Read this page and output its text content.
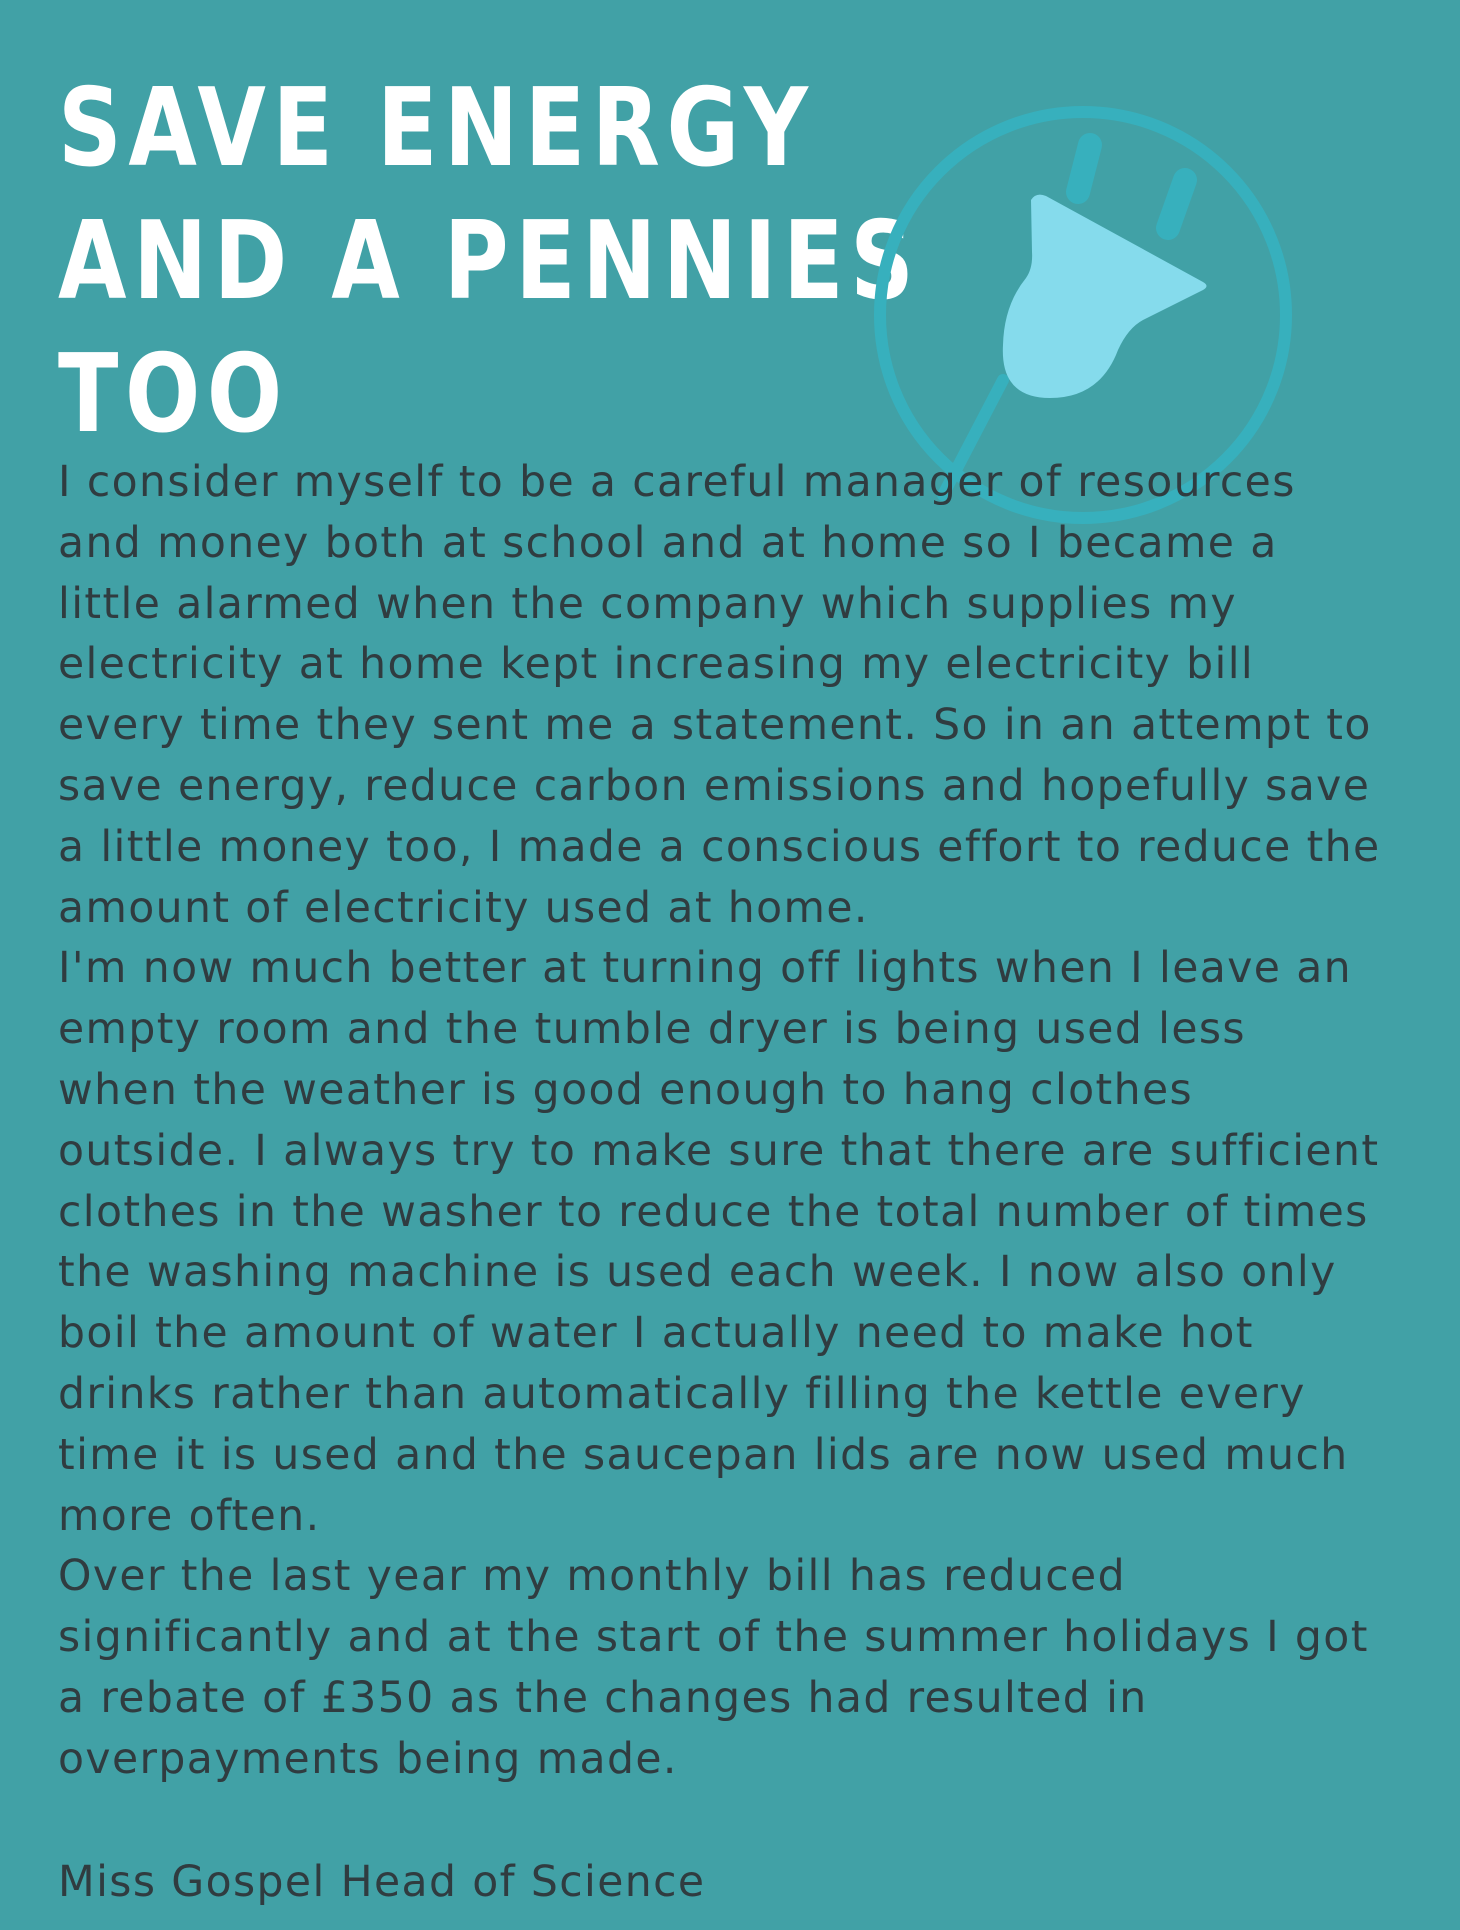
SAVE ENERGY
AND A PENNIES
TOO

I consider myself to be a careful manager of resources
and money both at school and at home so I became a
little alarmed when the company which supplies my
electricity at home kept increasing my electricity bill
every time they sent me a statement. So in an attempt to
save energy, reduce carbon emissions and hopefully save
a little money too, I made a conscious effort to reduce the
amount of electricity used at home.
I'm now much better at turning off lights when I leave an
empty room and the tumble dryer is being used less
when the weather is good enough to hang clothes
outside. I always try to make sure that there are sufficient
clothes in the washer to reduce the total number of times
the washing machine is used each week. I now also only
boil the amount of water I actually need to make hot
drinks rather than automatically filling the kettle every
time it is used and the saucepan lids are now used much
more often.
Over the last year my monthly bill has reduced
significantly and at the start of the summer holidays I got
a rebate of £350 as the changes had resulted in
overpayments being made.

Miss Gospel Head of Science
